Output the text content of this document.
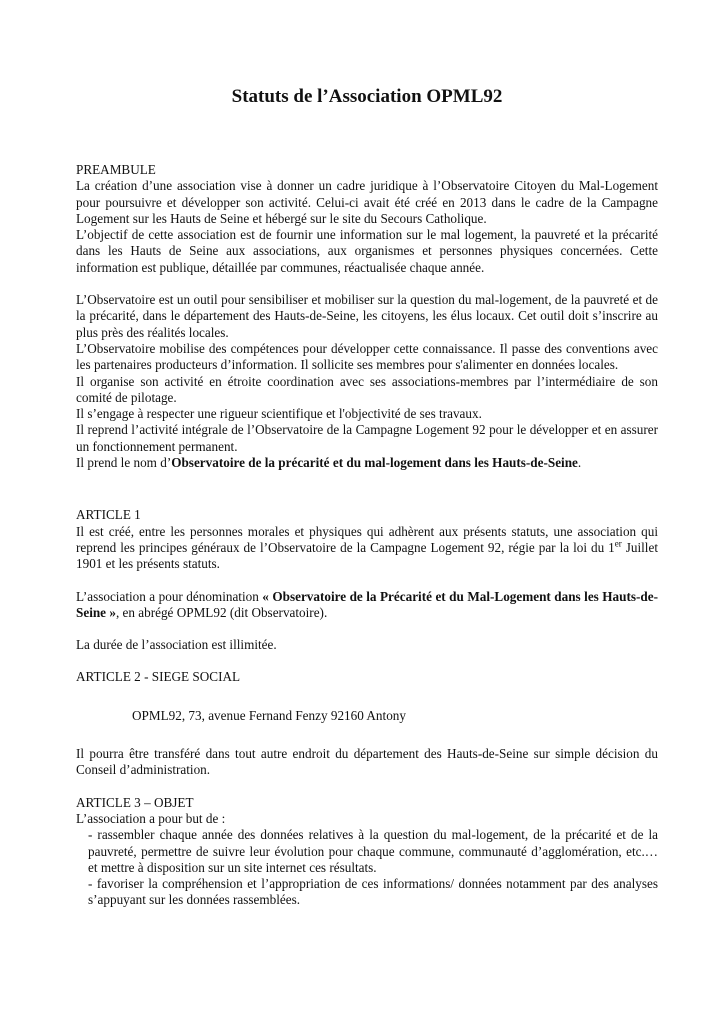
Statuts de l’Association OPML92
PREAMBULE

La création d’une association vise à donner un cadre juridique à l’Observatoire Citoyen du Mal-Logement pour poursuivre et développer son activité. Celui-ci avait été créé en 2013 dans le cadre de la Campagne Logement sur les Hauts de Seine et hébergé sur le site du Secours Catholique.

L’objectif de cette association est de fournir une information sur le mal logement, la pauvreté et la précarité dans les Hauts de Seine aux associations, aux organismes et personnes physiques concernées. Cette information est publique, détaillée par communes, réactualisée chaque année.

L’Observatoire est un outil pour sensibiliser et mobiliser sur la question du mal-logement, de la pauvreté et de la précarité, dans le département des Hauts-de-Seine, les citoyens, les élus locaux. Cet outil doit s’inscrire au plus près des réalités locales.

L’Observatoire mobilise des compétences pour développer cette connaissance. Il passe des conventions avec les partenaires producteurs d’information. Il sollicite ses membres pour s'alimenter en données locales.

Il organise son activité en étroite coordination avec ses associations-membres par l’intermédiaire de son comité de pilotage.

Il s’engage à respecter une rigueur scientifique et l'objectivité de ses travaux.

Il reprend l’activité intégrale de l’Observatoire de la Campagne Logement 92 pour le développer et en assurer un fonctionnement permanent.

Il prend le nom d’Observatoire de la précarité et du mal-logement dans les Hauts-de-Seine.

ARTICLE 1

Il est créé, entre les personnes morales et physiques qui adhèrent aux présents statuts, une association qui reprend les principes généraux de l’Observatoire de la Campagne Logement 92, régie par la loi du 1er Juillet 1901 et les présents statuts.

L’association a pour dénomination « Observatoire de la Précarité et du Mal-Logement dans les Hauts-de-Seine », en abrégé OPML92 (dit Observatoire).

La durée de l’association est illimitée.

ARTICLE 2 - SIEGE SOCIAL

OPML92, 73, avenue Fernand Fenzy 92160 Antony

Il pourra être transféré dans tout autre endroit du département des Hauts-de-Seine sur simple décision du Conseil d’administration.

ARTICLE 3 – OBJET

L’association a pour but de :

- rassembler chaque année des données relatives à la question du mal-logement, de la précarité et de la pauvreté, permettre de suivre leur évolution pour chaque commune, communauté d’agglomération, etc.… et mettre à disposition sur un site internet ces résultats.

- favoriser la compréhension et l’appropriation de ces informations/ données notamment par des analyses s’appuyant sur les données rassemblées.
